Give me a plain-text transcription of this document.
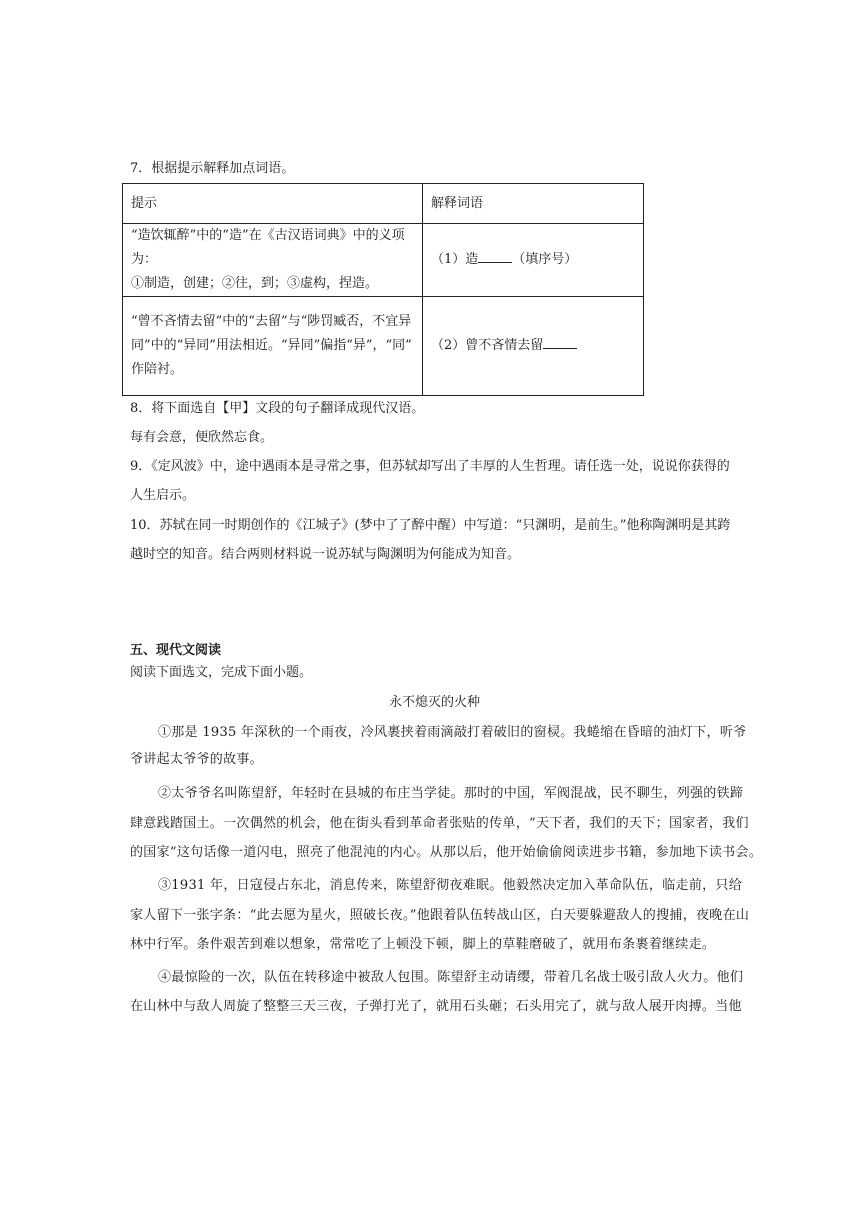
7．根据提示解释加点词语。
提示	解释词语

“造饮辄醉”中的“造”在《古汉语词典》中的义项为：
①制造，创建；②往，到；③虚构，捏造。	（1）造 （填序号）

“曾不吝情去留”中的“去留”与“陟罚臧否，不宜异
同”中的“异同”用法相近。“异同”偏指“异”，“同”
作陪衬。	（2）曾不吝情去留
8．将下面选自【甲】文段的句子翻译成现代汉语。
每有会意，便欣然忘食。
9．《定风波》中，途中遇雨本是寻常之事，但苏轼却写出了丰厚的人生哲理。请任选一处，说说你获得的
人生启示。
10．苏轼在同一时期创作的《江城子》(梦中了了醉中醒）中写道：“只渊明，是前生。”他称陶渊明是其跨
越时空的知音。结合两则材料说一说苏轼与陶渊明为何能成为知音。
五、现代文阅读
阅读下面选文，完成下面小题。
永不熄灭的火种
①那是 1935 年深秋的一个雨夜，冷风裹挟着雨滴敲打着破旧的窗棂。我蜷缩在昏暗的油灯下，听爷
爷讲起太爷爷的故事。
②太爷爷名叫陈望舒，年轻时在县城的布庄当学徒。那时的中国，军阀混战，民不聊生，列强的铁蹄
肆意践踏国土。一次偶然的机会，他在街头看到革命者张贴的传单，“天下者，我们的天下；国家者，我们
的国家”这句话像一道闪电，照亮了他混沌的内心。从那以后，他开始偷偷阅读进步书籍，参加地下读书会。
③1931 年，日寇侵占东北，消息传来，陈望舒彻夜难眠。他毅然决定加入革命队伍，临走前，只给
家人留下一张字条：“此去愿为星火，照破长夜。”他跟着队伍转战山区，白天要躲避敌人的搜捕，夜晚在山
林中行军。条件艰苦到难以想象，常常吃了上顿没下顿，脚上的草鞋磨破了，就用布条裹着继续走。
④最惊险的一次，队伍在转移途中被敌人包围。陈望舒主动请缨，带着几名战士吸引敌人火力。他们
在山林中与敌人周旋了整整三天三夜，子弹打光了，就用石头砸；石头用完了，就与敌人展开肉搏。当他
